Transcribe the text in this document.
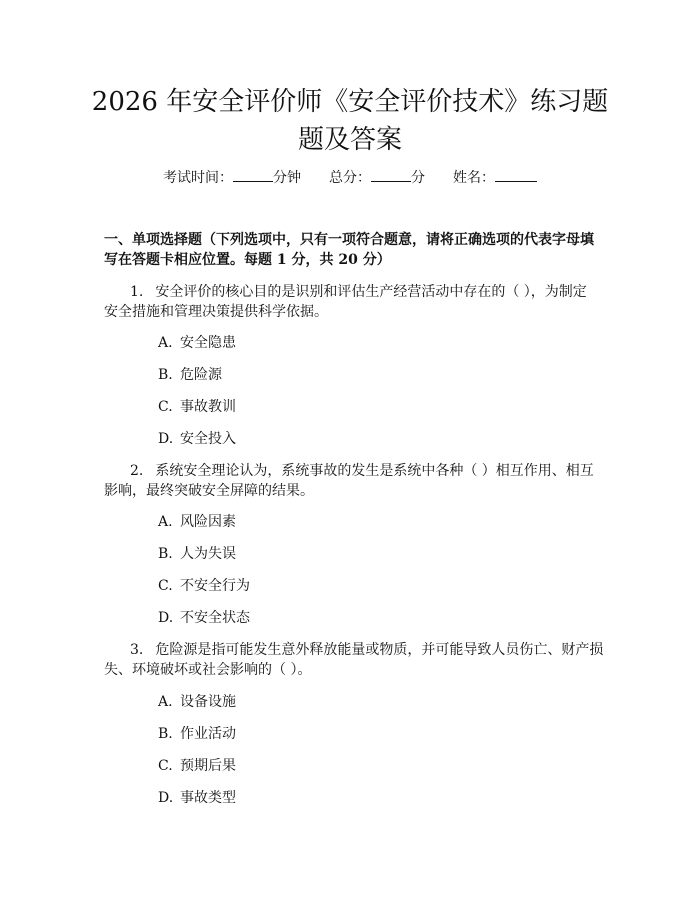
2026 年安全评价师《安全评价技术》练习题
题及答案
考试时间：	分钟 总分：	分 姓名：
一、单项选择题（下列选项中，只有一项符合题意，请将正确选项的代表字母填
写在答题卡相应位置。每题 1 分，共 20 分）
1. 安全评价的核心目的是识别和评估生产经营活动中存在的（ ），为制定
安全措施和管理决策提供科学依据。
A. 安全隐患
B. 危险源
C. 事故教训
D. 安全投入
2. 系统安全理论认为，系统事故的发生是系统中各种（ ）相互作用、相互
影响，最终突破安全屏障的结果。
A. 风险因素
B. 人为失误
C. 不安全行为
D. 不安全状态
3. 危险源是指可能发生意外释放能量或物质，并可能导致人员伤亡、财产损
失、环境破坏或社会影响的（ ）。
A. 设备设施
B. 作业活动
C. 预期后果
D. 事故类型
